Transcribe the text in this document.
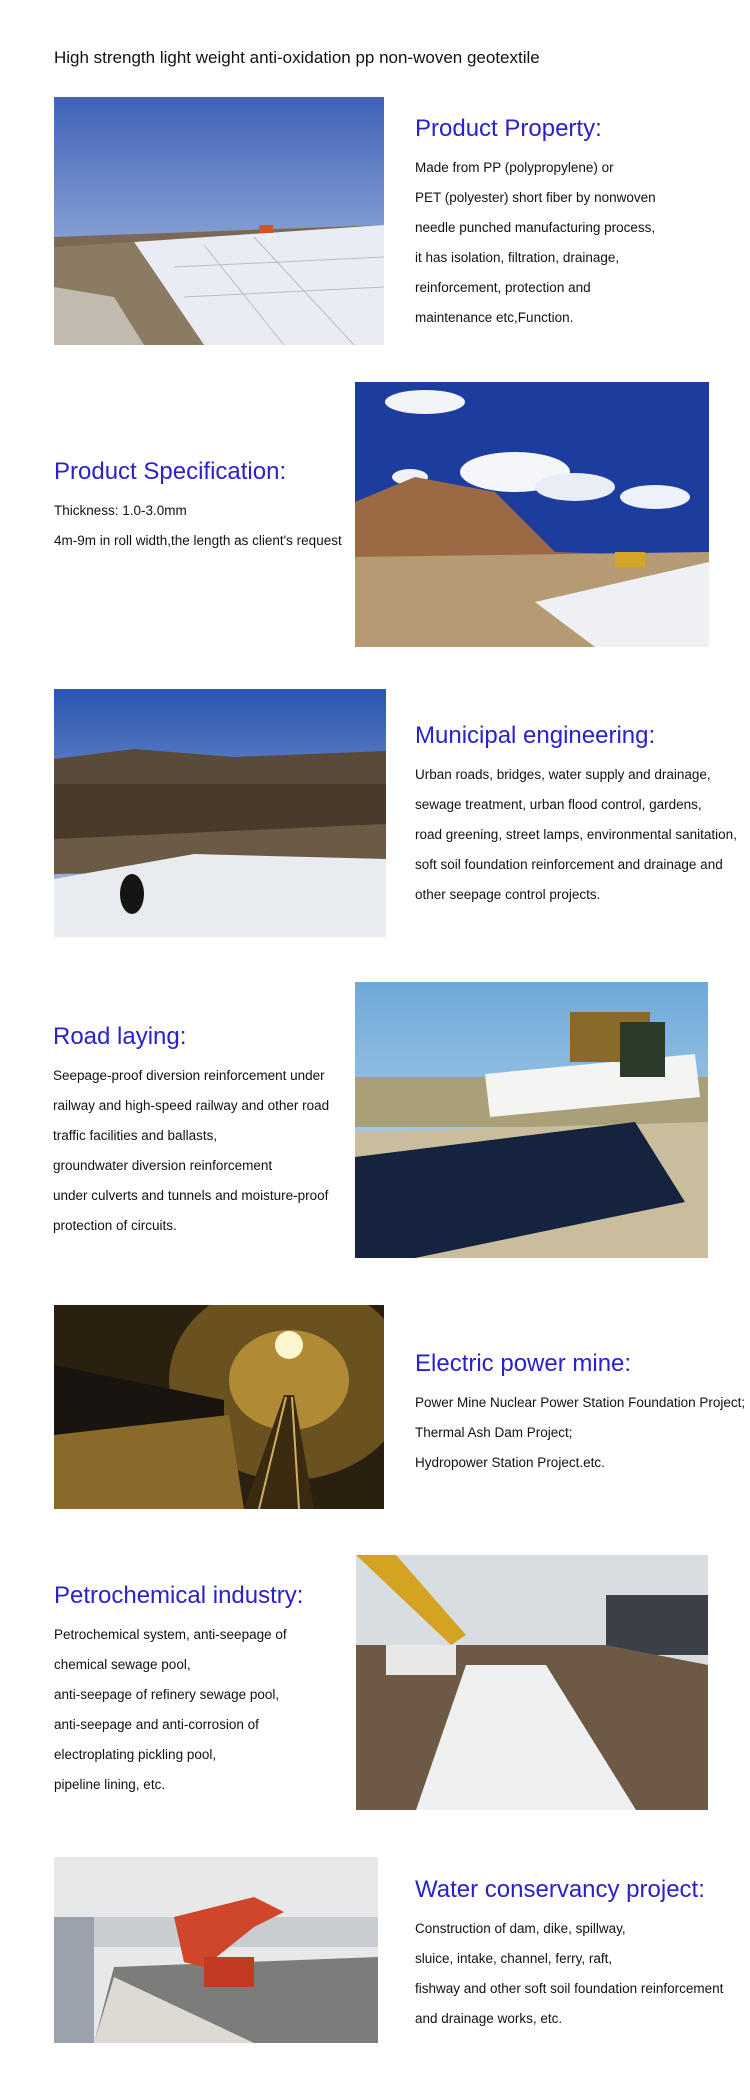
High strength light weight anti-oxidation pp non-woven geotextile
Product Property:
Made from PP (polypropylene) or
PET (polyester) short fiber by nonwoven
needle punched manufacturing process,
it has isolation, filtration, drainage,
reinforcement, protection and
maintenance etc,Function.
Product Specification:
Thickness: 1.0-3.0mm
4m-9m in roll width,the length as client's request
Municipal engineering:
Urban roads, bridges, water supply and drainage,
sewage treatment, urban flood control, gardens,
road greening, street lamps, environmental sanitation,
soft soil foundation reinforcement and drainage and
other seepage control projects.
Road laying:
Seepage-proof diversion reinforcement under
railway and high-speed railway and other road
traffic facilities and ballasts,
groundwater diversion reinforcement
under culverts and tunnels and moisture-proof
protection of circuits.
Electric power mine:
Power Mine Nuclear Power Station Foundation Project;
Thermal Ash Dam Project;
Hydropower Station Project.etc.
Petrochemical industry:
Petrochemical system, anti-seepage of
chemical sewage pool,
anti-seepage of refinery sewage pool,
anti-seepage and anti-corrosion of
electroplating pickling pool,
pipeline lining, etc.
Water conservancy project:
Construction of dam, dike, spillway,
sluice, intake, channel, ferry, raft,
fishway and other soft soil foundation reinforcement
and drainage works, etc.
